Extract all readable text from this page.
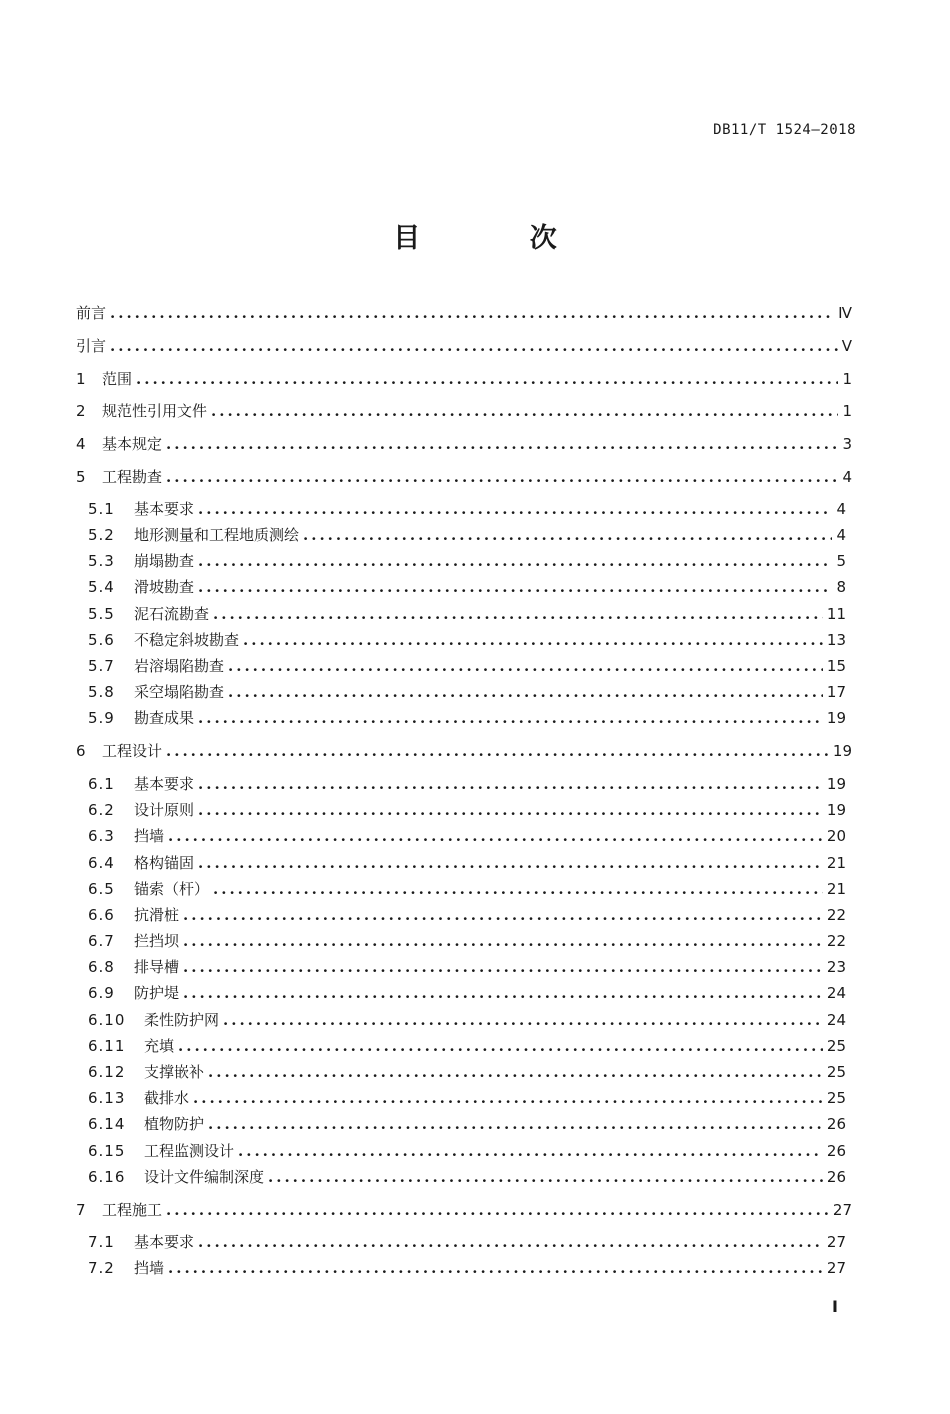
DB11/T 1524—2018
目 次
前言 .....	Ⅳ
引言 .....	Ⅴ
1	范围 .....	1
2	规范性引用文件 .....	1
4	基本规定 .....	3
5	工程勘查 .....	4
5.1	基本要求 .....	4
5.2	地形测量和工程地质测绘 .....	4
5.3	崩塌勘查 .....	5
5.4	滑坡勘查 .....	8
5.5	泥石流勘查 .....	11
5.6	不稳定斜坡勘查 .....	13
5.7	岩溶塌陷勘查 .....	15
5.8	采空塌陷勘查 .....	17
5.9	勘查成果 .....	19
6	工程设计 .....	19
6.1	基本要求 .....	19
6.2	设计原则 .....	19
6.3	挡墙 .....	20
6.4	格构锚固 .....	21
6.5	锚索（杆） .....	21
6.6	抗滑桩 .....	22
6.7	拦挡坝 .....	22
6.8	排导槽 .....	23
6.9	防护堤 .....	24
6.10	柔性防护网 .....	24
6.11	充填 .....	25
6.12	支撑嵌补 .....	25
6.13	截排水 .....	25
6.14	植物防护 .....	26
6.15	工程监测设计 .....	26
6.16	设计文件编制深度 .....	26
7	工程施工 .....	27
7.1	基本要求 .....	27
7.2	挡墙 .....	27
Ⅰ
